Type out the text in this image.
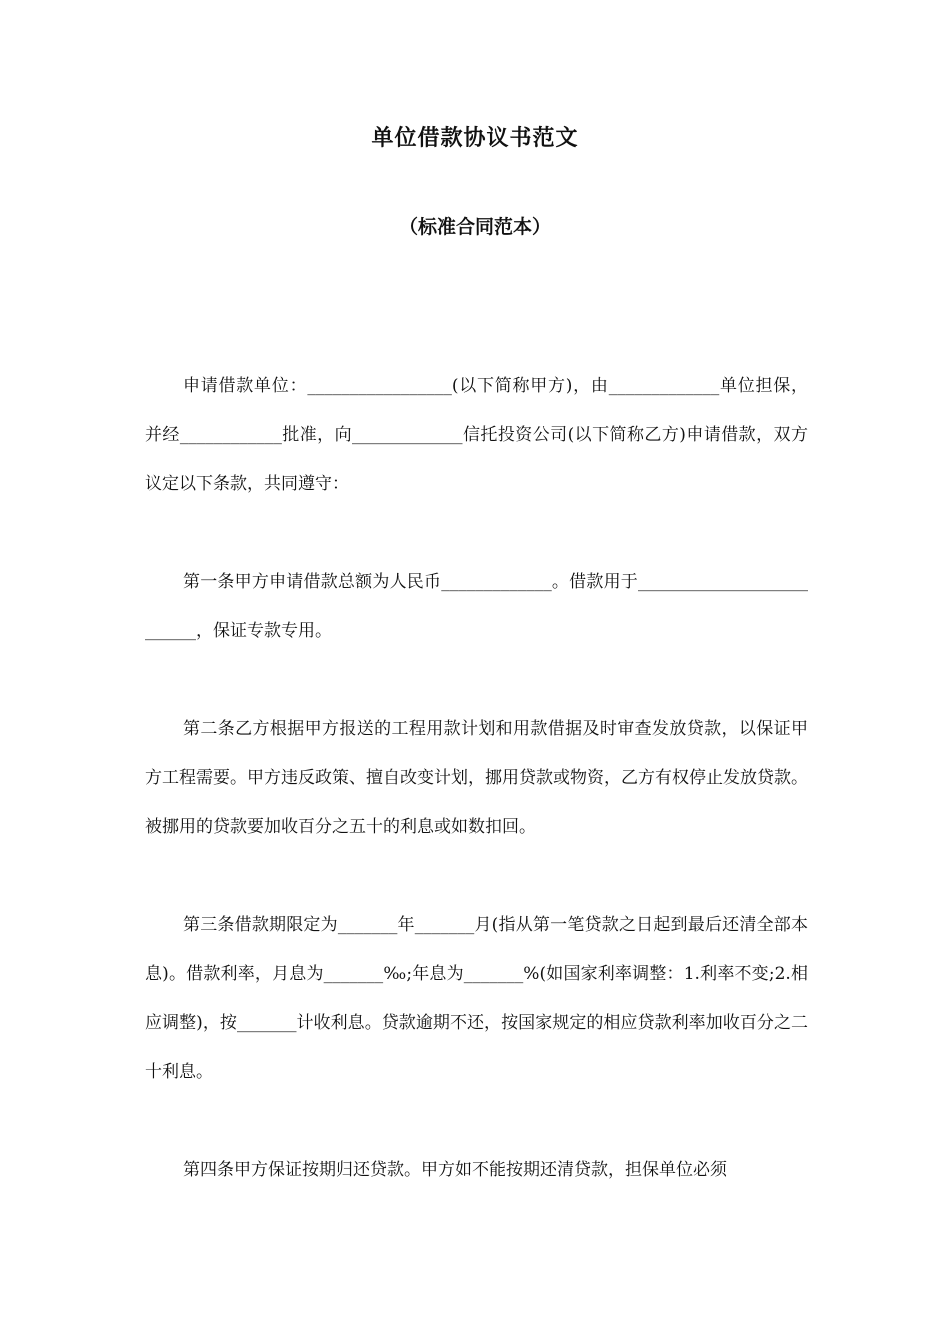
单位借款协议书范文
（标准合同范本）

申请借款单位：_________________(以下简称甲方)，由_____________单位担保，并经____________批准，向_____________信托投资公司(以下简称乙方)申请借款，双方议定以下条款，共同遵守：

第一条甲方申请借款总额为人民币_____________。借款用于__________________________，保证专款专用。

第二条乙方根据甲方报送的工程用款计划和用款借据及时审查发放贷款，以保证甲方工程需要。甲方违反政策、擅自改变计划，挪用贷款或物资，乙方有权停止发放贷款。被挪用的贷款要加收百分之五十的利息或如数扣回。

第三条借款期限定为_______年_______月(指从第一笔贷款之日起到最后还清全部本息)。借款利率，月息为_______‰;年息为_______%(如国家利率调整：1.利率不变;2.相应调整)，按_______计收利息。贷款逾期不还，按国家规定的相应贷款利率加收百分之二十利息。

第四条甲方保证按期归还贷款。甲方如不能按期还清贷款，担保单位必须
